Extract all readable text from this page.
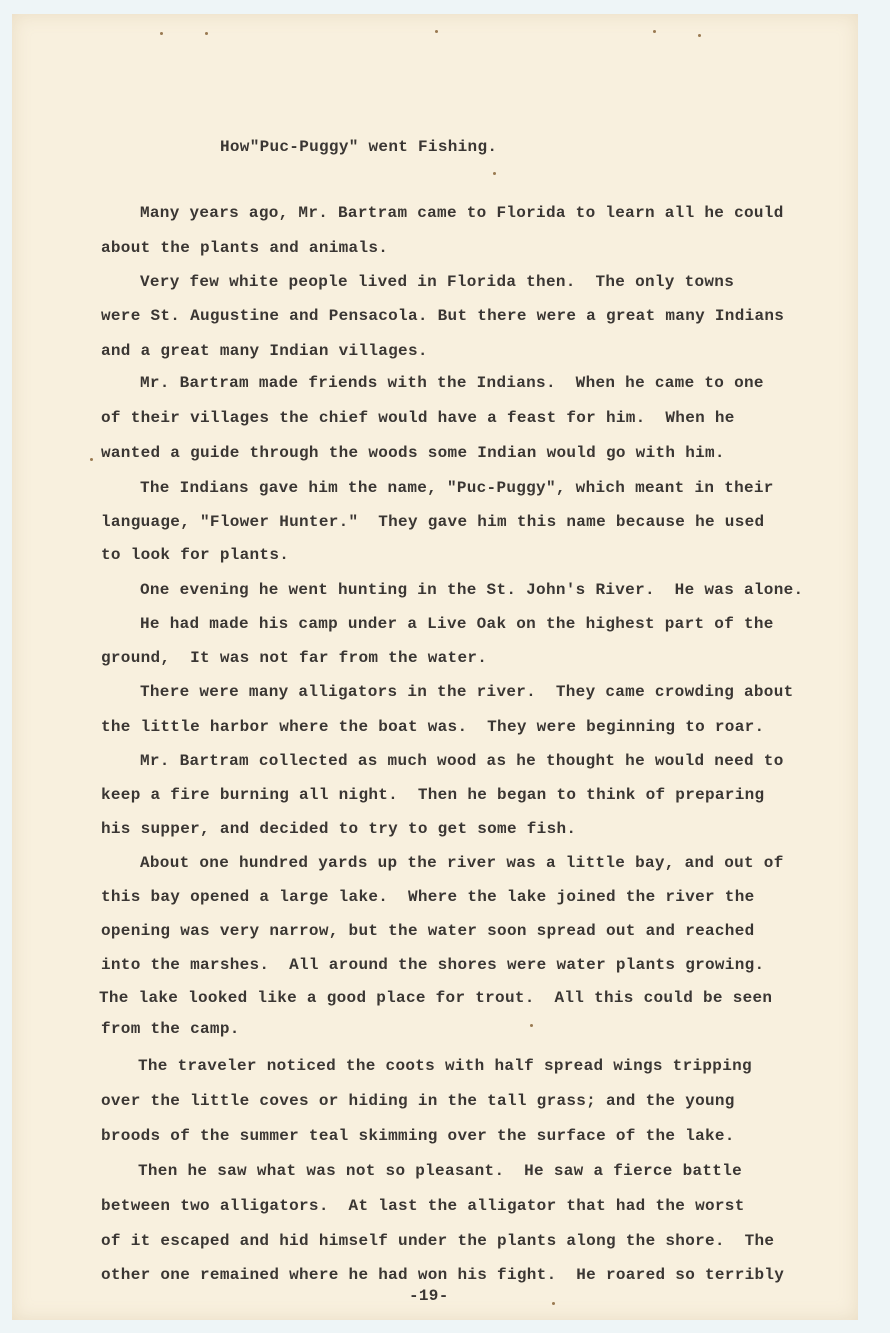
How"Puc-Puggy" went Fishing.
Many years ago, Mr. Bartram came to Florida to learn all he could
about the plants and animals.
Very few white people lived in Florida then.  The only towns
were St. Augustine and Pensacola. But there were a great many Indians
and a great many Indian villages.
Mr. Bartram made friends with the Indians.  When he came to one
of their villages the chief would have a feast for him.  When he
wanted a guide through the woods some Indian would go with him.
The Indians gave him the name, "Puc-Puggy", which meant in their
language, "Flower Hunter."  They gave him this name because he used
to look for plants.
One evening he went hunting in the St. John's River.  He was alone.
He had made his camp under a Live Oak on the highest part of the
ground,  It was not far from the water.
There were many alligators in the river.  They came crowding about
the little harbor where the boat was.  They were beginning to roar.
Mr. Bartram collected as much wood as he thought he would need to
keep a fire burning all night.  Then he began to think of preparing
his supper, and decided to try to get some fish.
About one hundred yards up the river was a little bay, and out of
this bay opened a large lake.  Where the lake joined the river the
opening was very narrow, but the water soon spread out and reached
into the marshes.  All around the shores were water plants growing.
The lake looked like a good place for trout.  All this could be seen
from the camp.
The traveler noticed the coots with half spread wings tripping
over the little coves or hiding in the tall grass; and the young
broods of the summer teal skimming over the surface of the lake.
Then he saw what was not so pleasant.  He saw a fierce battle
between two alligators.  At last the alligator that had the worst
of it escaped and hid himself under the plants along the shore.  The
other one remained where he had won his fight.  He roared so terribly
-19-
